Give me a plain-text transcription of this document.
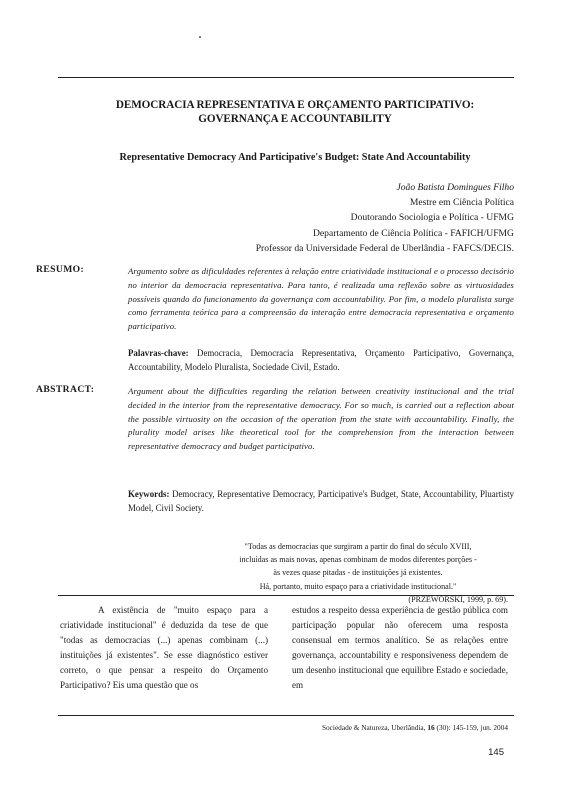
DEMOCRACIA REPRESENTATIVA E ORÇAMENTO PARTICIPATIVO:
GOVERNANÇA E ACCOUNTABILITY
Representative Democracy And Participative's Budget: State And Accountability
João Batista Domingues Filho
Mestre em Ciência Política
Doutorando Sociologia e Política - UFMG
Departamento de Ciência Política - FAFICH/UFMG
Professor da Universidade Federal de Uberlândia - FAFCS/DECIS.
RESUMO:	Argumento sobre as dificuldades referentes à relação entre criatividade institucional e o processo decisório no interior da democracia representativa. Para tanto, é realizada uma reflexão sobre as virtuosidades possíveis quando do funcionamento da governança com accountability. Por fim, o modelo pluralista surge como ferramenta teórica para a compreensão da interação entre democracia representativa e orçamento participativo.
Palavras-chave: Democracia, Democracia Representativa, Orçamento Participativo, Governança, Accountability, Modelo Pluralista, Sociedade Civil, Estado.
ABSTRACT:	Argument about the difficulties regarding the relation between creativity institucional and the trial decided in the interior from the representative democracy. For so much, is carried out a reflection about the possible virtuosity on the occasion of the operation from the state with accountability. Finally, the plurality model arises like theoretical tool for the comprehension from the interaction between representative democracy and budget participativo.
Keywords: Democracy, Representative Democracy, Participative's Budget, State, Accountability, Pluartisty Model, Civil Society.
"Todas as democracias que surgiram a partir do final do século XVIII,
incluídas as mais novas, apenas combinam de modos diferentes porções -
às vezes quase pitadas - de instituições já existentes.
Há, portanto, muito espaço para a criatividade institucional."
(PRZEWORSKI, 1999, p. 69).
A existência de "muito espaço para a criatividade institucional" é deduzida da tese de que "todas as democracias (...) apenas combinam (...) instituições já existentes". Se esse diagnóstico estiver correto, o que pensar a respeito do Orçamento Participativo? Eis uma questão que os
estudos a respeito dessa experiência de gestão pública com participação popular não oferecem uma resposta consensual em termos analítico. Se as relações entre governança, accountability e responsiveness dependem de um desenho institucional que equilibre Estado e sociedade, em
Sociedade & Natureza, Uberlândia, 16 (30): 145-159, jun. 2004
145
